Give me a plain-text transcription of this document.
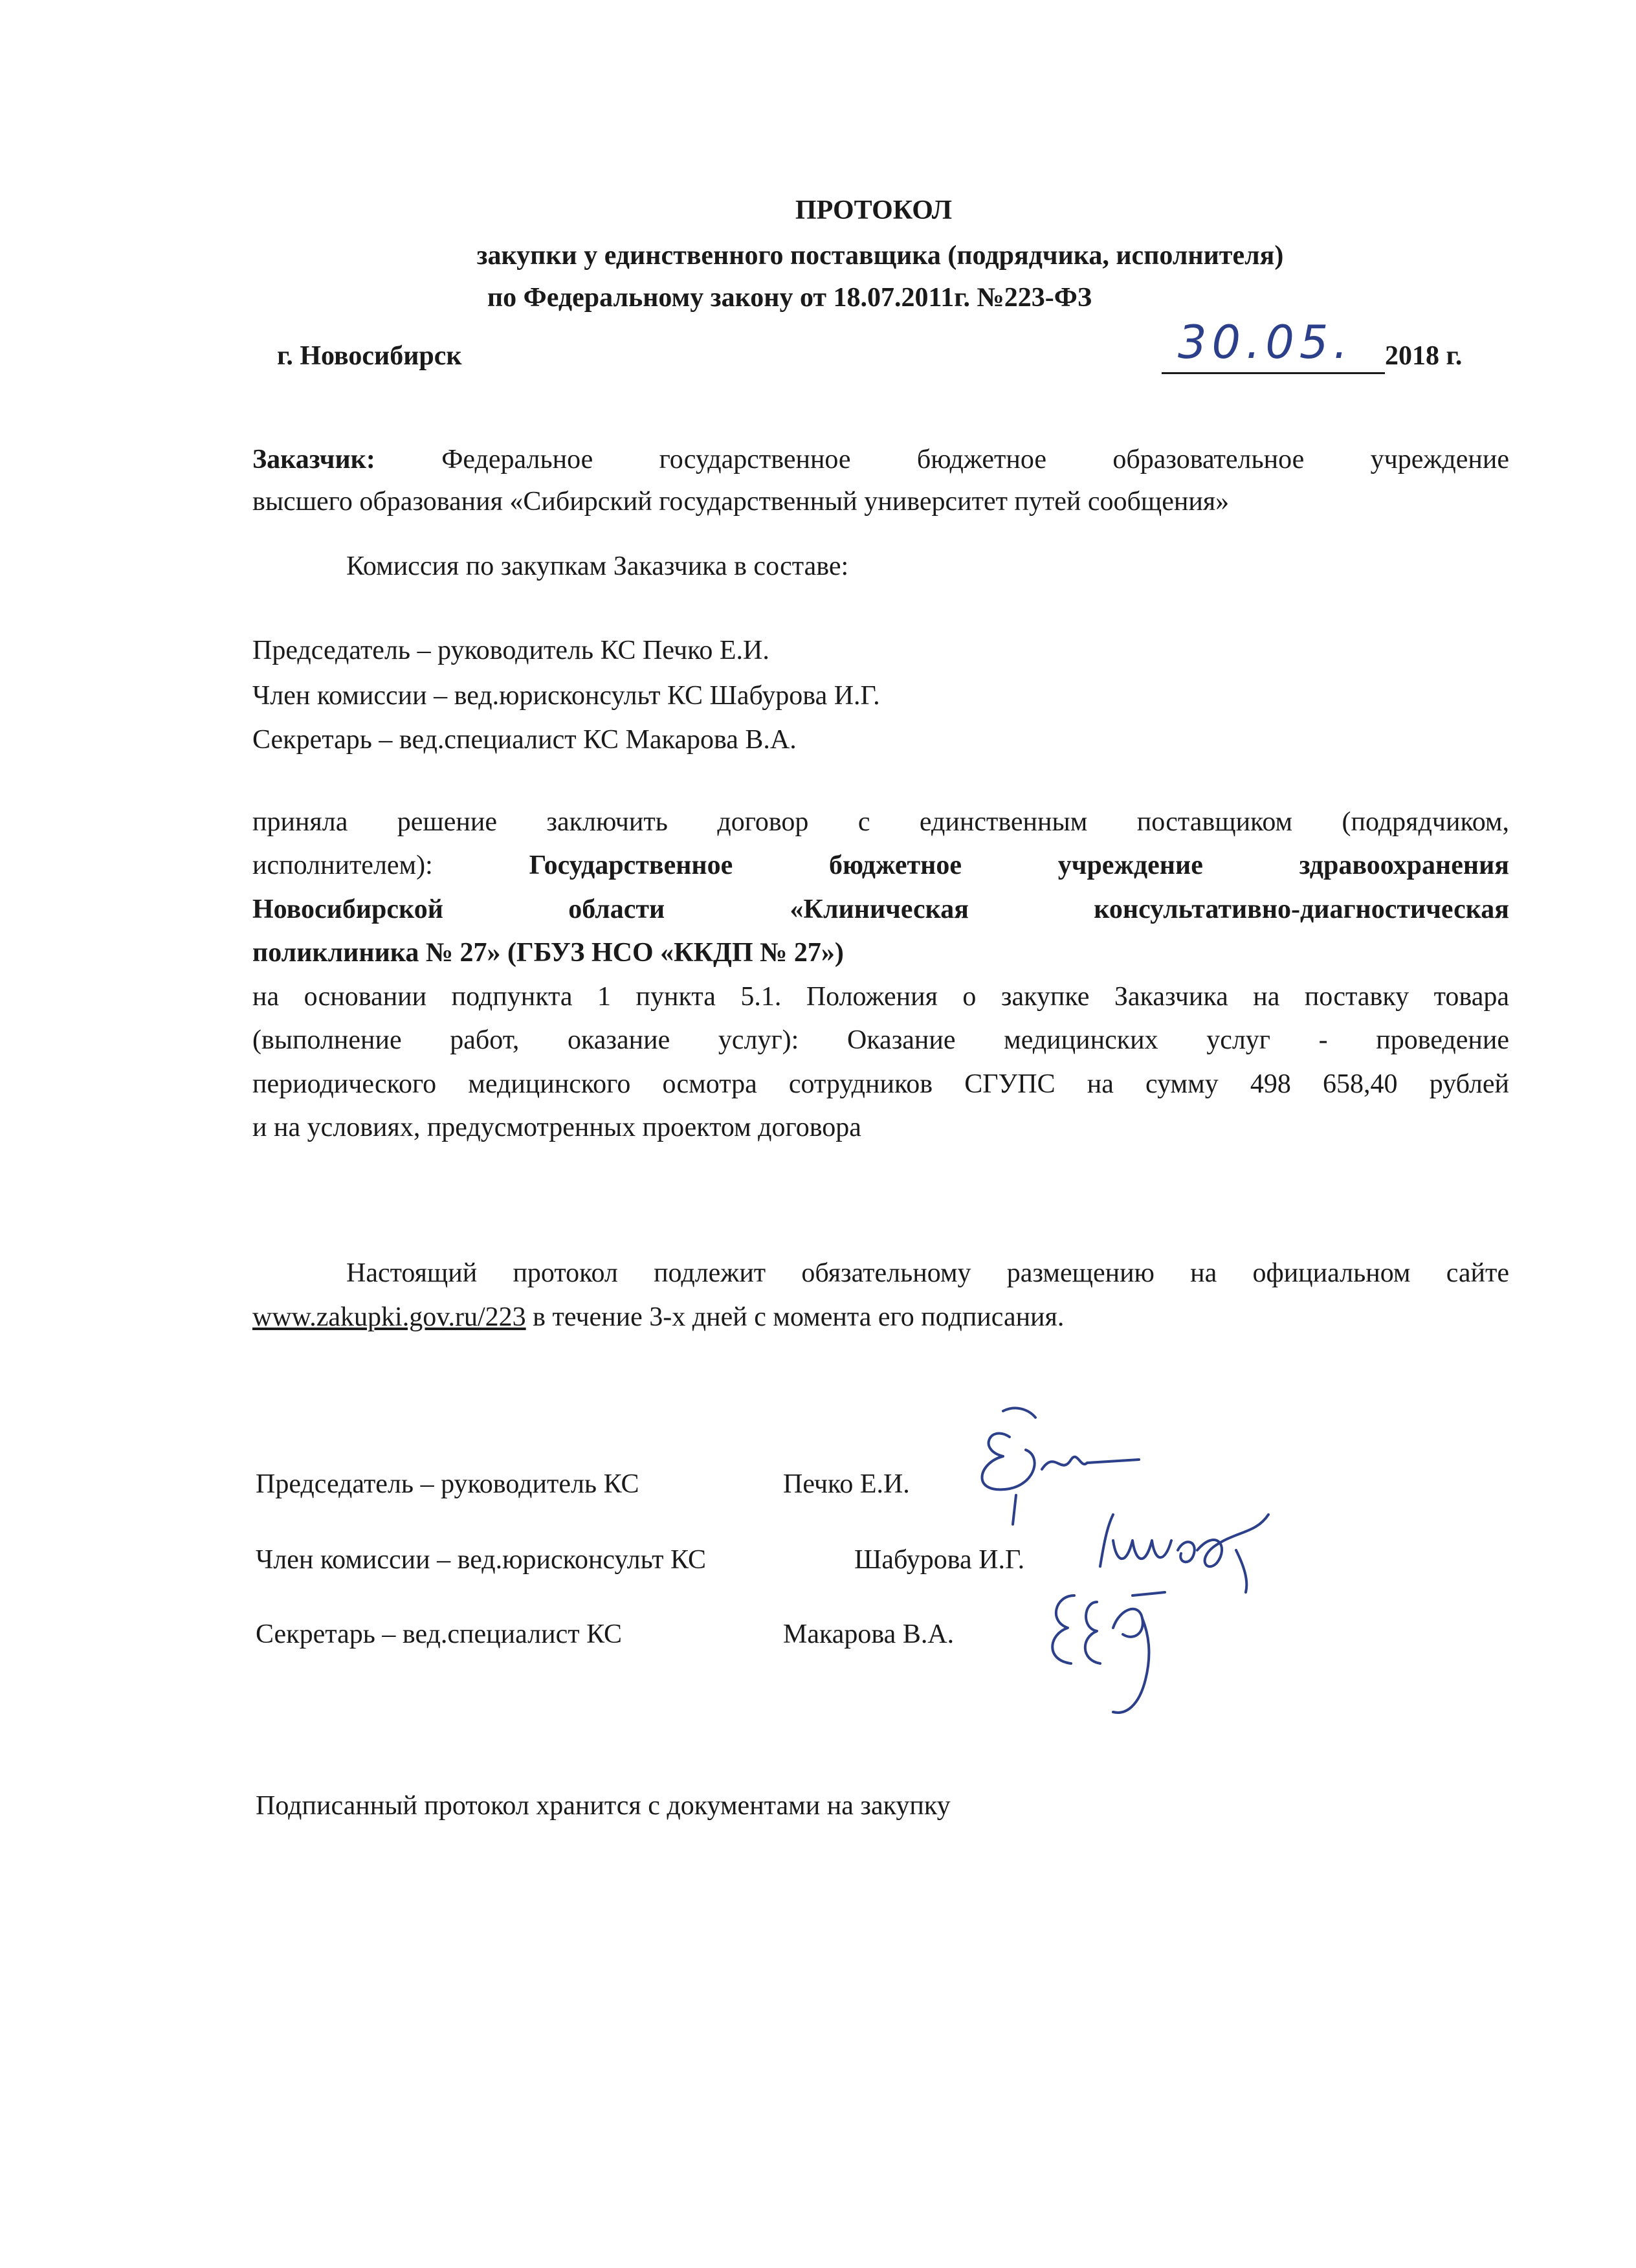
ПРОТОКОЛ
закупки у единственного поставщика (подрядчика, исполнителя)
по Федеральному закону от 18.07.2011г. №223-ФЗ
г. Новосибирск	30.05. 2018 г.
Заказчик: Федеральное государственное бюджетное образовательное учреждение
высшего образования «Сибирский государственный университет путей сообщения»
Комиссия по закупкам Заказчика в составе:
Председатель – руководитель КС Печко Е.И.
Член комиссии – вед.юрисконсульт КС Шабурова И.Г.
Секретарь – вед.специалист КС Макарова В.А.
приняла решение заключить договор с единственным поставщиком (подрядчиком,
исполнителем):	Государственное бюджетное учреждение здравоохранения
Новосибирской области «Клиническая консультативно-диагностическая
поликлиника № 27» (ГБУЗ НСО «ККДП № 27»)
на основании подпункта 1 пункта 5.1. Положения о закупке Заказчика на поставку товара
(выполнение работ, оказание услуг): Оказание медицинских услуг - проведение
периодического медицинского осмотра сотрудников СГУПС на сумму 498 658,40 рублей
и на условиях, предусмотренных проектом договора
Настоящий протокол подлежит обязательному размещению на официальном сайте
www.zakupki.gov.ru/223 в течение 3-х дней с момента его подписания.
Председатель – руководитель КС	Печко Е.И.
Член комиссии – вед.юрисконсульт КС	Шабурова И.Г.
Секретарь – вед.специалист КС	Макарова В.А.
Подписанный протокол хранится с документами на закупку
